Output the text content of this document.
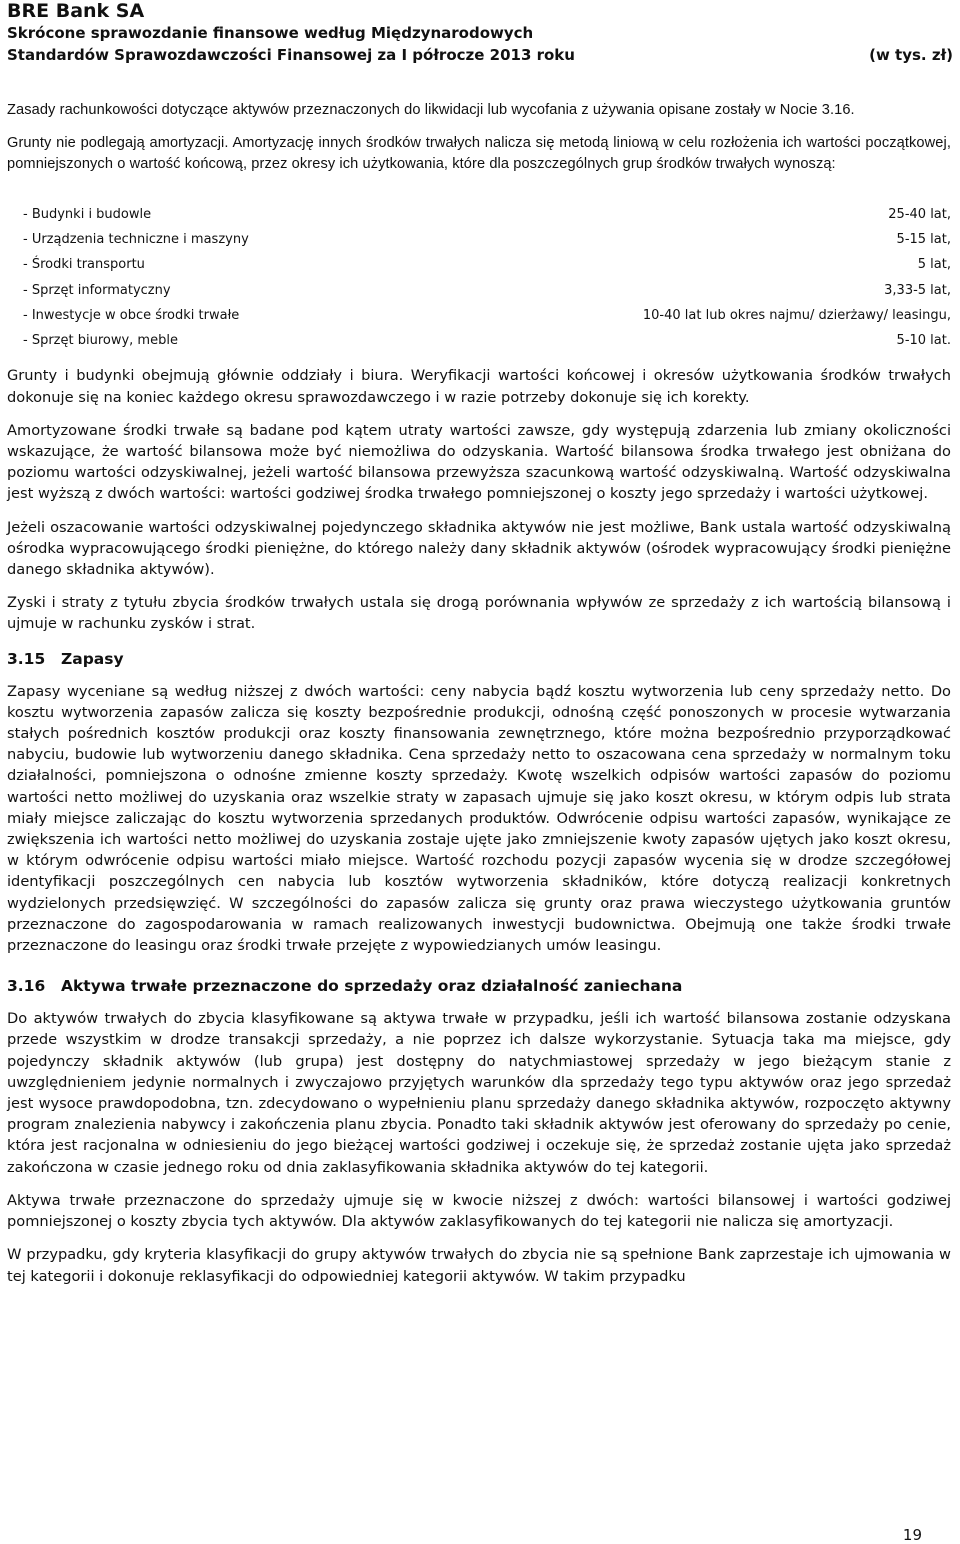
BRE Bank SA
Skrócone sprawozdanie finansowe według Międzynarodowych
Standardów Sprawozdawczości Finansowej za I półrocze 2013 roku	(w tys. zł)

Zasady rachunkowości dotyczące aktywów przeznaczonych do likwidacji lub wycofania z używania opisane zostały w Nocie 3.16.

Grunty nie podlegają amortyzacji. Amortyzację innych środków trwałych nalicza się metodą liniową w celu rozłożenia ich wartości początkowej, pomniejszonych o wartość końcową, przez okresy ich użytkowania, które dla poszczególnych grup środków trwałych wynoszą:

- Budynki i budowle	25-40 lat,
- Urządzenia techniczne i maszyny	5-15 lat,
- Środki transportu	5 lat,
- Sprzęt informatyczny	3,33-5 lat,
- Inwestycje w obce środki trwałe	10-40 lat lub okres najmu/ dzierżawy/ leasingu,
- Sprzęt biurowy, meble	5-10 lat.

Grunty i budynki obejmują głównie oddziały i biura. Weryfikacji wartości końcowej i okresów użytkowania środków trwałych dokonuje się na koniec każdego okresu sprawozdawczego i w razie potrzeby dokonuje się ich korekty.

Amortyzowane środki trwałe są badane pod kątem utraty wartości zawsze, gdy występują zdarzenia lub zmiany okoliczności wskazujące, że wartość bilansowa może być niemożliwa do odzyskania. Wartość bilansowa środka trwałego jest obniżana do poziomu wartości odzyskiwalnej, jeżeli wartość bilansowa przewyższa szacunkową wartość odzyskiwalną. Wartość odzyskiwalna jest wyższą z dwóch wartości: wartości godziwej środka trwałego pomniejszonej o koszty jego sprzedaży i wartości użytkowej.

Jeżeli oszacowanie wartości odzyskiwalnej pojedynczego składnika aktywów nie jest możliwe, Bank ustala wartość odzyskiwalną ośrodka wypracowującego środki pieniężne, do którego należy dany składnik aktywów (ośrodek wypracowujący środki pieniężne danego składnika aktywów).

Zyski i straty z tytułu zbycia środków trwałych ustala się drogą porównania wpływów ze sprzedaży z ich wartością bilansową i ujmuje w rachunku zysków i strat.

3.15	Zapasy

Zapasy wyceniane są według niższej z dwóch wartości: ceny nabycia bądź kosztu wytworzenia lub ceny sprzedaży netto. Do kosztu wytworzenia zapasów zalicza się koszty bezpośrednie produkcji, odnośną część ponoszonych w procesie wytwarzania stałych pośrednich kosztów produkcji oraz koszty finansowania zewnętrznego, które można bezpośrednio przyporządkować nabyciu, budowie lub wytworzeniu danego składnika. Cena sprzedaży netto to oszacowana cena sprzedaży w normalnym toku działalności, pomniejszona o odnośne zmienne koszty sprzedaży. Kwotę wszelkich odpisów wartości zapasów do poziomu wartości netto możliwej do uzyskania oraz wszelkie straty w zapasach ujmuje się jako koszt okresu, w którym odpis lub strata miały miejsce zaliczając do kosztu wytworzenia sprzedanych produktów. Odwrócenie odpisu wartości zapasów, wynikające ze zwiększenia ich wartości netto możliwej do uzyskania zostaje ujęte jako zmniejszenie kwoty zapasów ujętych jako koszt okresu, w którym odwrócenie odpisu wartości miało miejsce. Wartość rozchodu pozycji zapasów wycenia się w drodze szczegółowej identyfikacji poszczególnych cen nabycia lub kosztów wytworzenia składników, które dotyczą realizacji konkretnych wydzielonych przedsięwzięć. W szczególności do zapasów zalicza się grunty oraz prawa wieczystego użytkowania gruntów przeznaczone do zagospodarowania w ramach realizowanych inwestycji budownictwa. Obejmują one także środki trwałe przeznaczone do leasingu oraz środki trwałe przejęte z wypowiedzianych umów leasingu.

3.16	Aktywa trwałe przeznaczone do sprzedaży oraz działalność zaniechana

Do aktywów trwałych do zbycia klasyfikowane są aktywa trwałe w przypadku, jeśli ich wartość bilansowa zostanie odzyskana przede wszystkim w drodze transakcji sprzedaży, a nie poprzez ich dalsze wykorzystanie. Sytuacja taka ma miejsce, gdy pojedynczy składnik aktywów (lub grupa) jest dostępny do natychmiastowej sprzedaży w jego bieżącym stanie z uwzględnieniem jedynie normalnych i zwyczajowo przyjętych warunków dla sprzedaży tego typu aktywów oraz jego sprzedaż jest wysoce prawdopodobna, tzn. zdecydowano o wypełnieniu planu sprzedaży danego składnika aktywów, rozpoczęto aktywny program znalezienia nabywcy i zakończenia planu zbycia. Ponadto taki składnik aktywów jest oferowany do sprzedaży po cenie, która jest racjonalna w odniesieniu do jego bieżącej wartości godziwej i oczekuje się, że sprzedaż zostanie ujęta jako sprzedaż zakończona w czasie jednego roku od dnia zaklasyfikowania składnika aktywów do tej kategorii.

Aktywa trwałe przeznaczone do sprzedaży ujmuje się w kwocie niższej z dwóch: wartości bilansowej i wartości godziwej pomniejszonej o koszty zbycia tych aktywów. Dla aktywów zaklasyfikowanych do tej kategorii nie nalicza się amortyzacji.

W przypadku, gdy kryteria klasyfikacji do grupy aktywów trwałych do zbycia nie są spełnione Bank zaprzestaje ich ujmowania w tej kategorii i dokonuje reklasyfikacji do odpowiedniej kategorii aktywów. W takim przypadku

19
